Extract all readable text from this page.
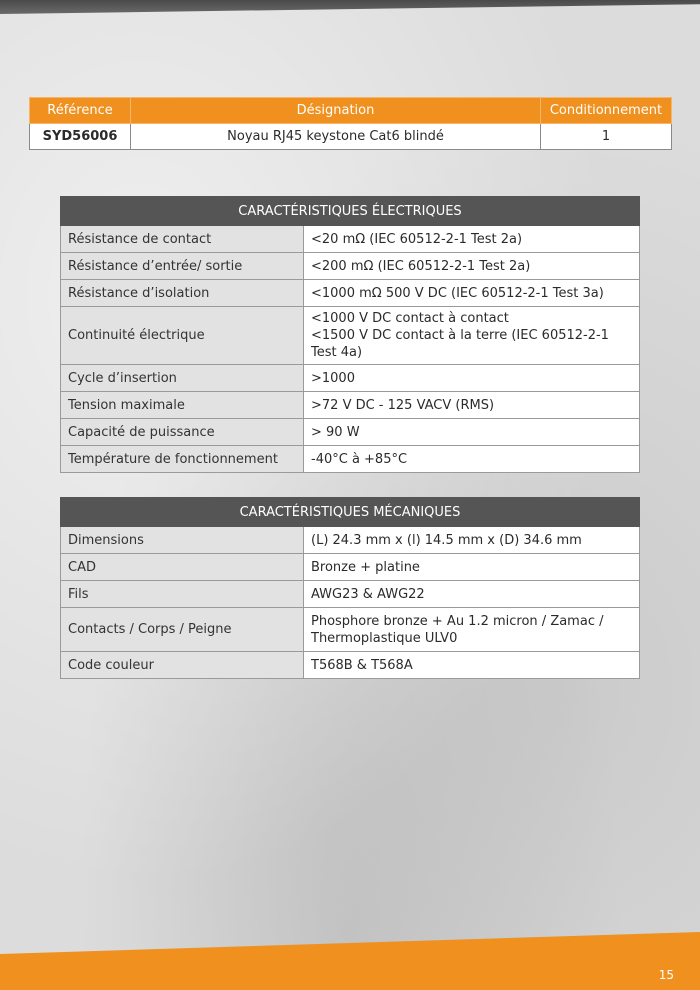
Référence	Désignation	Conditionnement
SYD56006	Noyau RJ45 keystone Cat6 blindé	1
CARACTÉRISTIQUES ÉLECTRIQUES	
Résistance de contact	<20 mΩ (IEC 60512-2-1 Test 2a)
Résistance d’entrée/ sortie	<200 mΩ (IEC 60512-2-1 Test 2a)
Résistance d’isolation	<1000 mΩ 500 V DC (IEC 60512-2-1 Test 3a)
Continuité électrique	<1000 V DC contact à contact
<1500 V DC contact à la terre (IEC 60512-2-1 Test 4a)

Cycle d’insertion	>1000
Tension maximale	>72 V DC - 125 VACV (RMS)
Capacité de puissance	> 90 W
Température de fonctionnement	-40°C à +85°C
CARACTÉRISTIQUES MÉCANIQUES	
Dimensions	(L) 24.3 mm x (l) 14.5 mm x (D) 34.6 mm
CAD	Bronze + platine
Fils	AWG23 & AWG22
Contacts / Corps / Peigne	Phosphore bronze + Au 1.2 micron / Zamac /
Thermoplastique ULV0

Code couleur	T568B & T568A
15
